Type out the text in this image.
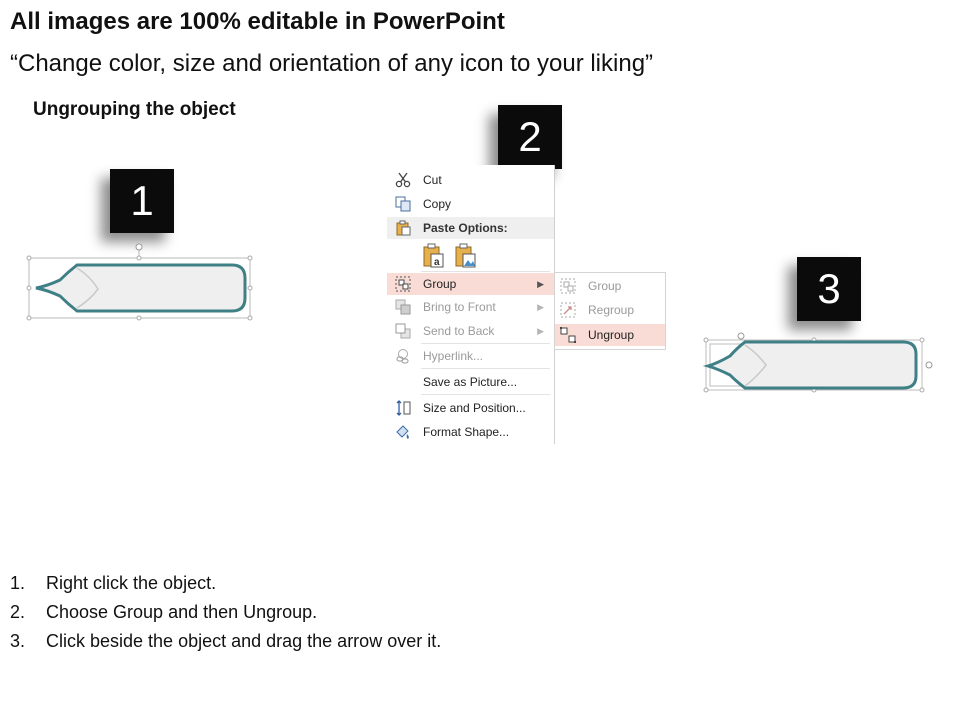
All images are 100% editable in PowerPoint
“Change color, size and orientation of any icon to your liking”
Ungrouping the object
1
2
3
Cut
Copy
Paste Options:
a
Group	▶
Bring to Front	▶
Send to Back	▶
Hyperlink...
Save as Picture...
Size and Position...
Format Shape...
Group
Regroup
Ungroup
1. Right click the object.
2. Choose Group and then Ungroup.
3. Click beside the object and drag the arrow over it.
